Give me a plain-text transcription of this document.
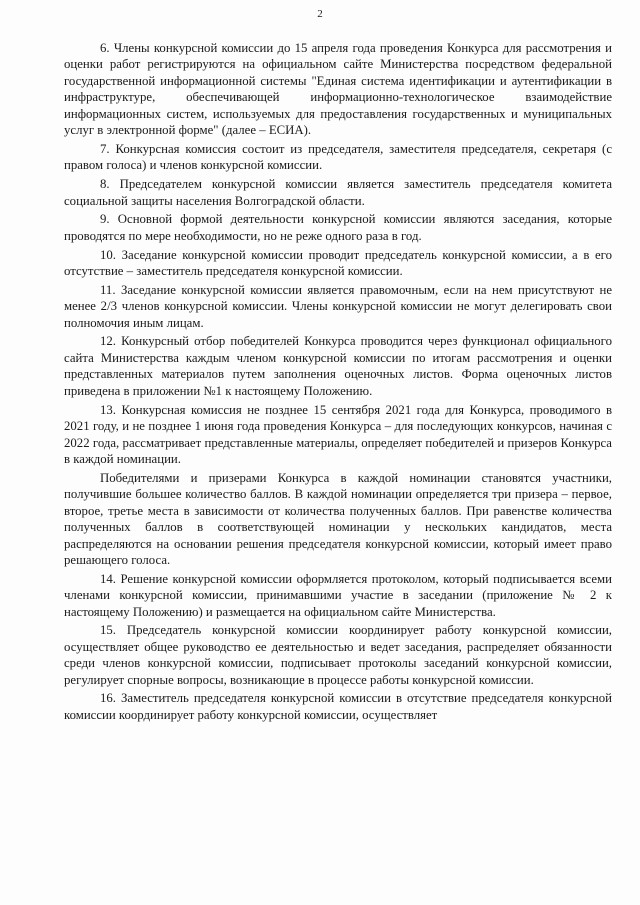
2

6. Члены конкурсной комиссии до 15 апреля года проведения Конкурса для рассмотрения и оценки работ регистрируются на официальном сайте Министерства посредством федеральной государственной информационной системы "Единая система идентификации и аутентификации в инфраструктуре, обеспечивающей информационно-технологическое взаимодействие информационных систем, используемых для предоставления государственных и муниципальных услуг в электронной форме" (далее – ЕСИА).

7. Конкурсная комиссия состоит из председателя, заместителя председателя, секретаря (с правом голоса) и членов конкурсной комиссии.

8. Председателем конкурсной комиссии является заместитель председателя комитета социальной защиты населения Волгоградской области.

9. Основной формой деятельности конкурсной комиссии являются заседания, которые проводятся по мере необходимости, но не реже одного раза в год.

10. Заседание конкурсной комиссии проводит председатель конкурсной комиссии, а в его отсутствие – заместитель председателя конкурсной комиссии.

11. Заседание конкурсной комиссии является правомочным, если на нем присутствуют не менее 2/3 членов конкурсной комиссии. Члены конкурсной комиссии не могут делегировать свои полномочия иным лицам.

12. Конкурсный отбор победителей Конкурса проводится через функционал официального сайта Министерства каждым членом конкурсной комиссии по итогам рассмотрения и оценки представленных материалов путем заполнения оценочных листов. Форма оценочных листов приведена в приложении №1 к настоящему Положению.

13. Конкурсная комиссия не позднее 15 сентября 2021 года для Конкурса, проводимого в 2021 году, и не позднее 1 июня года проведения Конкурса – для последующих конкурсов, начиная с 2022 года, рассматривает представленные материалы, определяет победителей и призеров Конкурса в каждой номинации.

Победителями и призерами Конкурса в каждой номинации становятся участники, получившие большее количество баллов. В каждой номинации определяется три призера – первое, второе, третье места в зависимости от количества полученных баллов. При равенстве количества полученных баллов в соответствующей номинации у нескольких кандидатов, места распределяются на основании решения председателя конкурсной комиссии, который имеет право решающего голоса.

14. Решение конкурсной комиссии оформляется протоколом, который подписывается всеми членами конкурсной комиссии, принимавшими участие в заседании (приложение № 2 к настоящему Положению) и размещается на официальном сайте Министерства.

15. Председатель конкурсной комиссии координирует работу конкурсной комиссии, осуществляет общее руководство ее деятельностью и ведет заседания, распределяет обязанности среди членов конкурсной комиссии, подписывает протоколы заседаний конкурсной комиссии, регулирует спорные вопросы, возникающие в процессе работы конкурсной комиссии.

16. Заместитель председателя конкурсной комиссии в отсутствие председателя конкурсной комиссии координирует работу конкурсной комиссии, осуществляет
